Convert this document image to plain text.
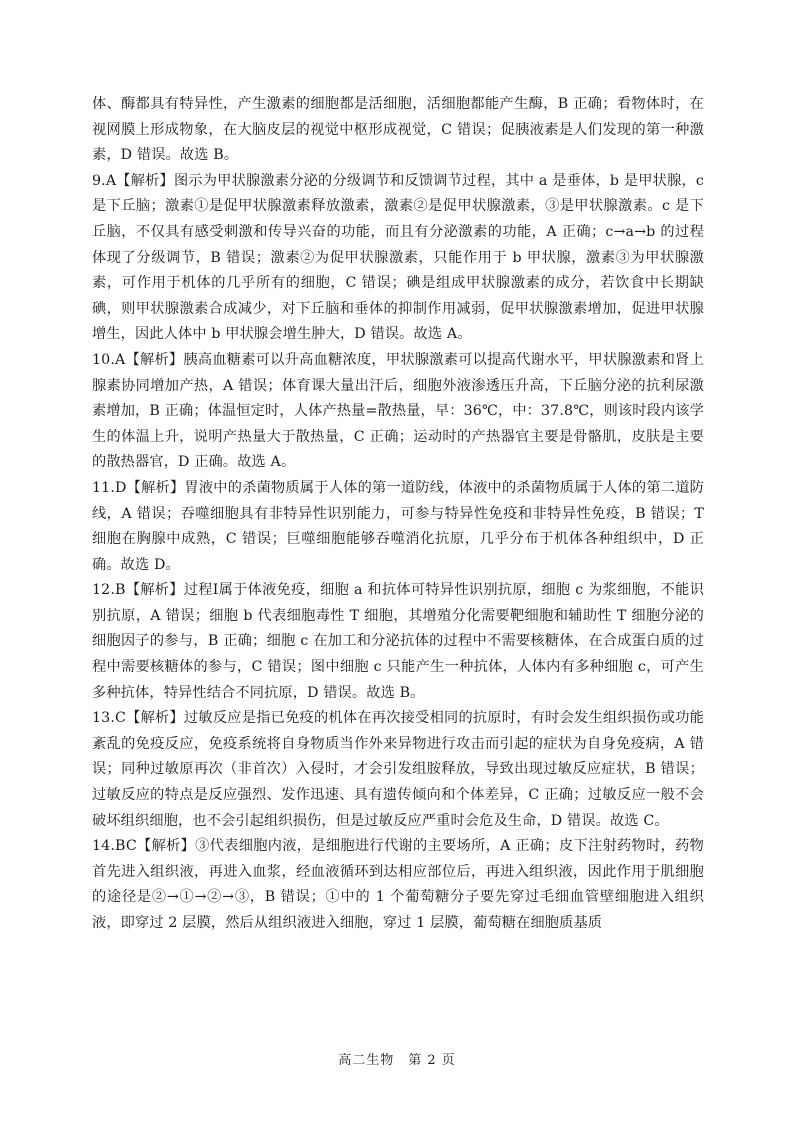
体、酶都具有特异性，产生激素的细胞都是活细胞，活细胞都能产生酶，B 正确；看物体时，在视网膜上形成物象，在大脑皮层的视觉中枢形成视觉，C 错误；促胰液素是人们发现的第一种激素，D 错误。故选 B。

9.A【解析】图示为甲状腺激素分泌的分级调节和反馈调节过程，其中 a 是垂体，b 是甲状腺，c 是下丘脑；激素①是促甲状腺激素释放激素，激素②是促甲状腺激素，③是甲状腺激素。c 是下丘脑，不仅具有感受刺激和传导兴奋的功能，而且有分泌激素的功能，A 正确；c→a→b 的过程体现了分级调节，B 错误；激素②为促甲状腺激素，只能作用于 b 甲状腺，激素③为甲状腺激素，可作用于机体的几乎所有的细胞，C 错误；碘是组成甲状腺激素的成分，若饮食中长期缺碘，则甲状腺激素合成减少，对下丘脑和垂体的抑制作用减弱，促甲状腺激素增加，促进甲状腺增生，因此人体中 b 甲状腺会增生肿大，D 错误。故选 A。

10.A【解析】胰高血糖素可以升高血糖浓度，甲状腺激素可以提高代谢水平，甲状腺激素和肾上腺素协同增加产热，A 错误；体育课大量出汗后，细胞外液渗透压升高，下丘脑分泌的抗利尿激素增加，B 正确；体温恒定时，人体产热量=散热量，早：36℃，中：37.8℃，则该时段内该学生的体温上升，说明产热量大于散热量，C 正确；运动时的产热器官主要是骨骼肌，皮肤是主要的散热器官，D 正确。故选 A。

11.D【解析】胃液中的杀菌物质属于人体的第一道防线，体液中的杀菌物质属于人体的第二道防线，A 错误；吞噬细胞具有非特异性识别能力，可参与特异性免疫和非特异性免疫，B 错误；T 细胞在胸腺中成熟，C 错误；巨噬细胞能够吞噬消化抗原，几乎分布于机体各种组织中，D 正确。故选 D。

12.B【解析】过程Ⅰ属于体液免疫，细胞 a 和抗体可特异性识别抗原，细胞 c 为浆细胞，不能识别抗原，A 错误；细胞 b 代表细胞毒性 T 细胞，其增殖分化需要靶细胞和辅助性 T 细胞分泌的细胞因子的参与，B 正确；细胞 c 在加工和分泌抗体的过程中不需要核糖体，在合成蛋白质的过程中需要核糖体的参与，C 错误；图中细胞 c 只能产生一种抗体，人体内有多种细胞 c，可产生多种抗体，特异性结合不同抗原，D 错误。故选 B。

13.C【解析】过敏反应是指已免疫的机体在再次接受相同的抗原时，有时会发生组织损伤或功能紊乱的免疫反应，免疫系统将自身物质当作外来异物进行攻击而引起的症状为自身免疫病，A 错误；同种过敏原再次（非首次）入侵时，才会引发组胺释放，导致出现过敏反应症状，B 错误；过敏反应的特点是反应强烈、发作迅速、具有遗传倾向和个体差异，C 正确；过敏反应一般不会破坏组织细胞，也不会引起组织损伤，但是过敏反应严重时会危及生命，D 错误。故选 C。

14.BC【解析】③代表细胞内液，是细胞进行代谢的主要场所，A 正确；皮下注射药物时，药物首先进入组织液，再进入血浆，经血液循环到达相应部位后，再进入组织液，因此作用于肌细胞的途径是②→①→②→③，B 错误；①中的 1 个葡萄糖分子要先穿过毛细血管壁细胞进入组织液，即穿过 2 层膜，然后从组织液进入细胞，穿过 1 层膜，葡萄糖在细胞质基质

高二生物　第 2 页
